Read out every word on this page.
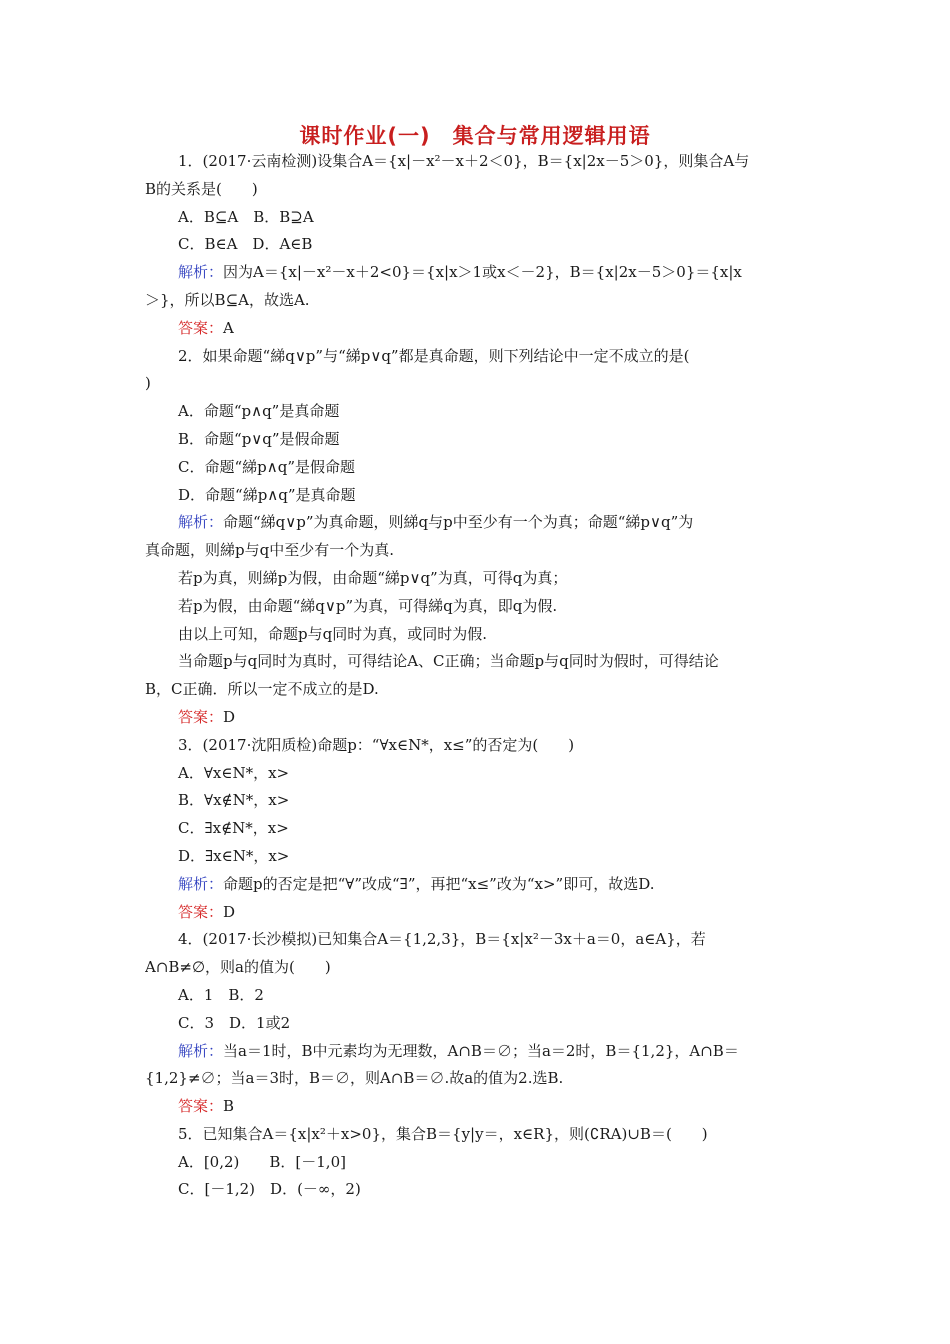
课时作业(一)　集合与常用逻辑用语
1．(2017·云南检测)设集合A＝{x|－x²－x＋2＜0}，B＝{x|2x－5＞0}，则集合A与
B的关系是(　　)
A．B⊆A　B．B⊇A
C．B∈A　D．A∈B
解析：因为A＝{x|－x²－x＋2<0}＝{x|x＞1或x＜－2}，B＝{x|2x－5＞0}＝{x|x
＞}，所以B⊆A，故选A.
答案：A
2．如果命题“綈q∨p”与“綈p∨q”都是真命题，则下列结论中一定不成立的是(
)
A．命题“p∧q”是真命题
B．命题“p∨q”是假命题
C．命题“綈p∧q”是假命题
D．命题“綈p∧q”是真命题
解析：命题“綈q∨p”为真命题，则綈q与p中至少有一个为真；命题“綈p∨q”为
真命题，则綈p与q中至少有一个为真.
若p为真，则綈p为假，由命题“綈p∨q”为真，可得q为真；
若p为假，由命题“綈q∨p”为真，可得綈q为真，即q为假.
由以上可知，命题p与q同时为真，或同时为假.
当命题p与q同时为真时，可得结论A、C正确；当命题p与q同时为假时，可得结论
B，C正确．所以一定不成立的是D.
答案：D
3．(2017·沈阳质检)命题p：“∀x∈N*，x≤”的否定为(　　)
A．∀x∈N*，x>
B．∀x∉N*，x>
C．∃x∉N*，x>
D．∃x∈N*，x>
解析：命题p的否定是把“∀”改成“∃”，再把“x≤”改为“x>”即可，故选D.
答案：D
4．(2017·长沙模拟)已知集合A＝{1,2,3}，B＝{x|x²－3x＋a＝0，a∈A}，若
A∩B≠∅，则a的值为(　　)
A．1　B．2
C．3　D．1或2
解析：当a＝1时，B中元素均为无理数，A∩B＝∅；当a＝2时，B＝{1,2}，A∩B＝
{1,2}≠∅；当a＝3时，B＝∅，则A∩B＝∅.故a的值为2.选B.
答案：B
5．已知集合A＝{x|x²＋x>0}，集合B＝{y|y＝，x∈R}，则(∁RA)∪B＝(　　)
A．[0,2)　　B．[－1,0]
C．[－1,2)　D．(－∞，2)
